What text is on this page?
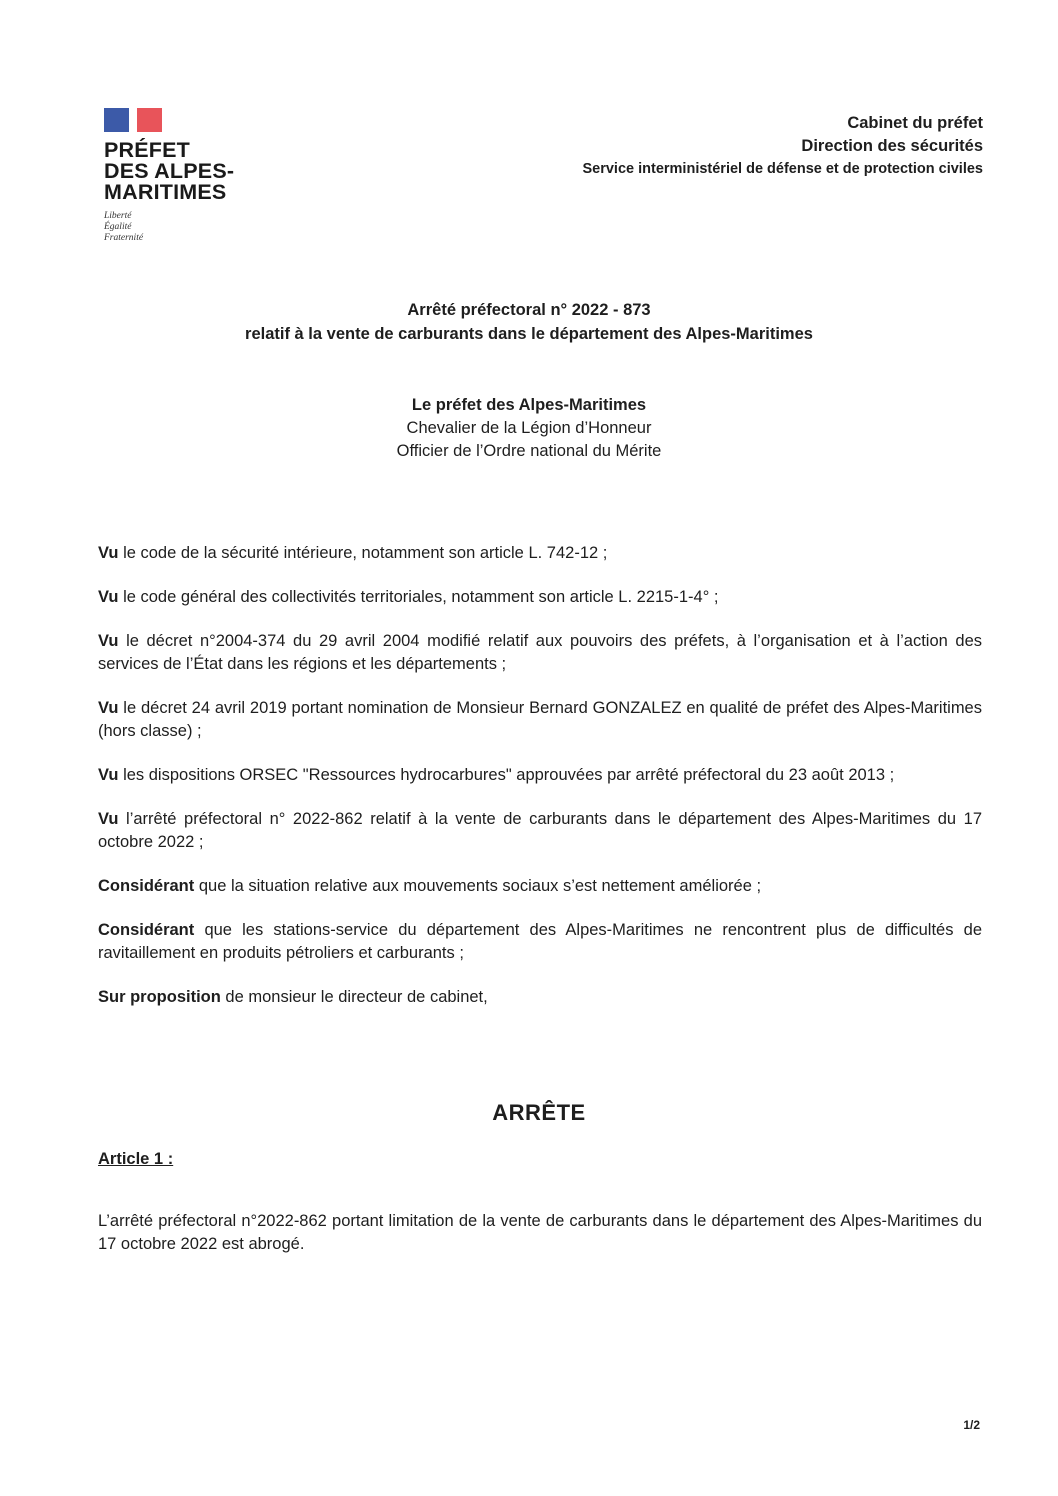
PRÉFET
DES ALPES-
MARITIMES
Liberté
Égalité
Fraternité
Cabinet du préfet
Direction des sécurités
Service interministériel de défense et de protection civiles
Arrêté préfectoral n° 2022 - 873
relatif à la vente de carburants dans le département des Alpes-Maritimes
Le préfet des Alpes-Maritimes
Chevalier de la Légion d’Honneur
Officier de l’Ordre national du Mérite

Vu le code de la sécurité intérieure, notamment son article L. 742-12 ;

Vu le code général des collectivités territoriales, notamment son article L. 2215-1-4° ;

Vu le décret n°2004-374 du 29 avril 2004 modifié relatif aux pouvoirs des préfets, à l’organisation et à l’action des services de l’État dans les régions et les départements ;

Vu le décret 24 avril 2019 portant nomination de Monsieur Bernard GONZALEZ en qualité de préfet des Alpes-Maritimes (hors classe) ;

Vu les dispositions ORSEC "Ressources hydrocarbures" approuvées par arrêté préfectoral du 23 août 2013 ;

Vu l’arrêté préfectoral n° 2022-862 relatif à la vente de carburants dans le département des Alpes-Maritimes du 17 octobre 2022 ;

Considérant que la situation relative aux mouvements sociaux s’est nettement améliorée ;

Considérant que les stations-service du département des Alpes-Maritimes ne rencontrent plus de difficultés de ravitaillement en produits pétroliers et carburants ;

Sur proposition de monsieur le directeur de cabinet,

ARRÊTE
Article 1 :
L’arrêté préfectoral n°2022-862 portant limitation de la vente de carburants dans le département des Alpes-Maritimes du 17 octobre 2022 est abrogé.
1/2
